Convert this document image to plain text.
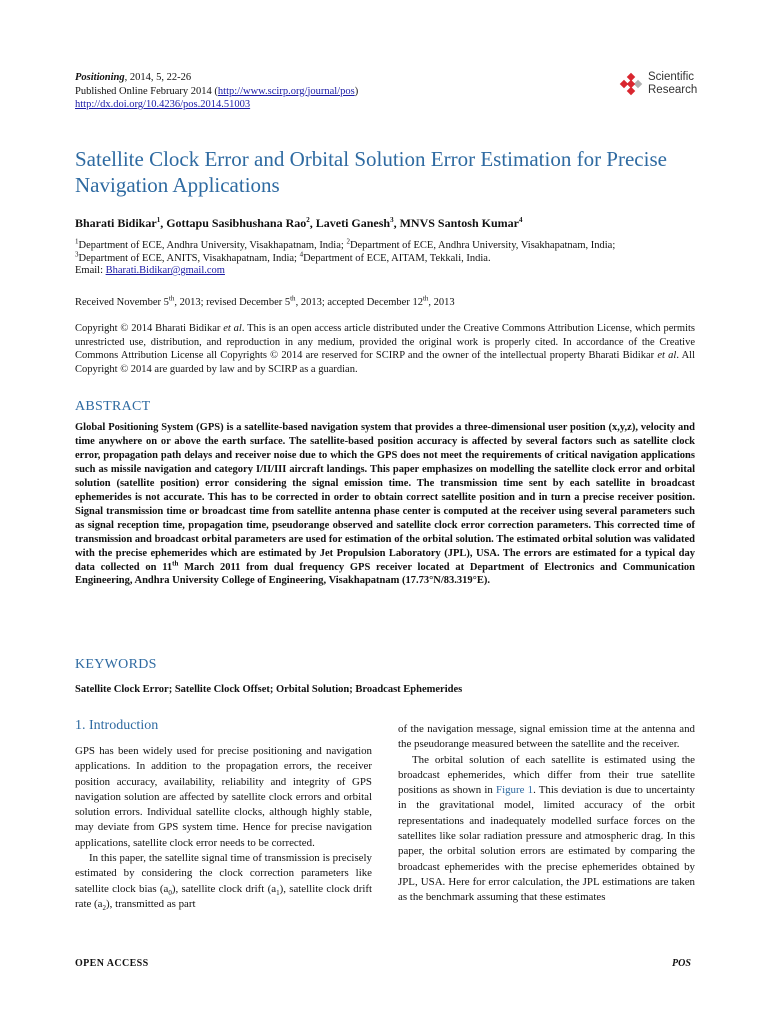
Positioning, 2014, 5, 22-26
Published Online February 2014 (http://www.scirp.org/journal/pos)
http://dx.doi.org/10.4236/pos.2014.51003
Scientific
Research
Satellite Clock Error and Orbital Solution Error Estimation for Precise Navigation Applications
Bharati Bidikar$^1$, Gottapu Sasibhushana Rao$^2$, Laveti Ganesh$^3$, MNVS Santosh Kumar$^4$
$^1$Department of ECE, Andhra University, Visakhapatnam, India; $^2$Department of ECE, Andhra University, Visakhapatnam, India;
$^3$Department of ECE, ANITS, Visakhapatnam, India; $^4$Department of ECE, AITAM, Tekkali, India.
Email: Bharati.Bidikar@gmail.com
Received November 5th, 2013; revised December 5th, 2013; accepted December 12th, 2013
Copyright © 2014 Bharati Bidikar et al. This is an open access article distributed under the Creative Commons Attribution License, which permits unrestricted use, distribution, and reproduction in any medium, provided the original work is properly cited. In accordance of the Creative Commons Attribution License all Copyrights © 2014 are reserved for SCIRP and the owner of the intellectual property Bharati Bidikar et al. All Copyright © 2014 are guarded by law and by SCIRP as a guardian.
ABSTRACT
Global Positioning System (GPS) is a satellite-based navigation system that provides a three-dimensional user position (x,y,z), velocity and time anywhere on or above the earth surface. The satellite-based position accuracy is affected by several factors such as satellite clock error, propagation path delays and receiver noise due to which the GPS does not meet the requirements of critical navigation applications such as missile navigation and category I/II/III aircraft landings. This paper emphasizes on modelling the satellite clock error and orbital solution (satellite position) error considering the signal emission time. The transmission time sent by each satellite in broadcast ephemerides is not accurate. This has to be corrected in order to obtain correct satellite position and in turn a precise receiver position. Signal transmission time or broadcast time from satellite antenna phase center is computed at the receiver using several parameters such as signal reception time, propagation time, pseudorange observed and satellite clock error correction parameters. This corrected time of transmission and broadcast orbital parameters are used for estimation of the orbital solution. The estimated orbital solution was validated with the precise ephemerides which are estimated by Jet Propulsion Laboratory (JPL), USA. The errors are estimated for a typical day data collected on 11th March 2011 from dual frequency GPS receiver located at Department of Electronics and Communication Engineering, Andhra University College of Engineering, Visakhapatnam (17.73°N/83.319°E).
KEYWORDS
Satellite Clock Error; Satellite Clock Offset; Orbital Solution; Broadcast Ephemerides
1. Introduction

GPS has been widely used for precise positioning and navigation applications. In addition to the propagation errors, the receiver position accuracy, availability, reliability and integrity of GPS navigation solution are affected by satellite clock errors and orbital solution errors. Individual satellite clocks, although highly stable, may deviate from GPS system time. Hence for precise navigation applications, satellite clock error needs to be corrected.

In this paper, the satellite signal time of transmission is precisely estimated by considering the clock correction parameters like satellite clock bias $(a_0)$, satellite clock drift $(a_1)$, satellite clock drift rate $(a_2)$, transmitted as part

of the navigation message, signal emission time at the antenna and the pseudorange measured between the satellite and the receiver.

The orbital solution of each satellite is estimated using the broadcast ephemerides, which differ from their true satellite positions as shown in Figure 1. This deviation is due to uncertainty in the gravitational model, limited accuracy of the orbit representations and inadequately modelled surface forces on the satellites like solar radiation pressure and atmospheric drag. In this paper, the orbital solution errors are estimated by comparing the broadcast ephemerides with the precise ephemerides obtained by JPL, USA. Here for error calculation, the JPL estimations are taken as the benchmark assuming that these estimates

OPEN ACCESS	POS
